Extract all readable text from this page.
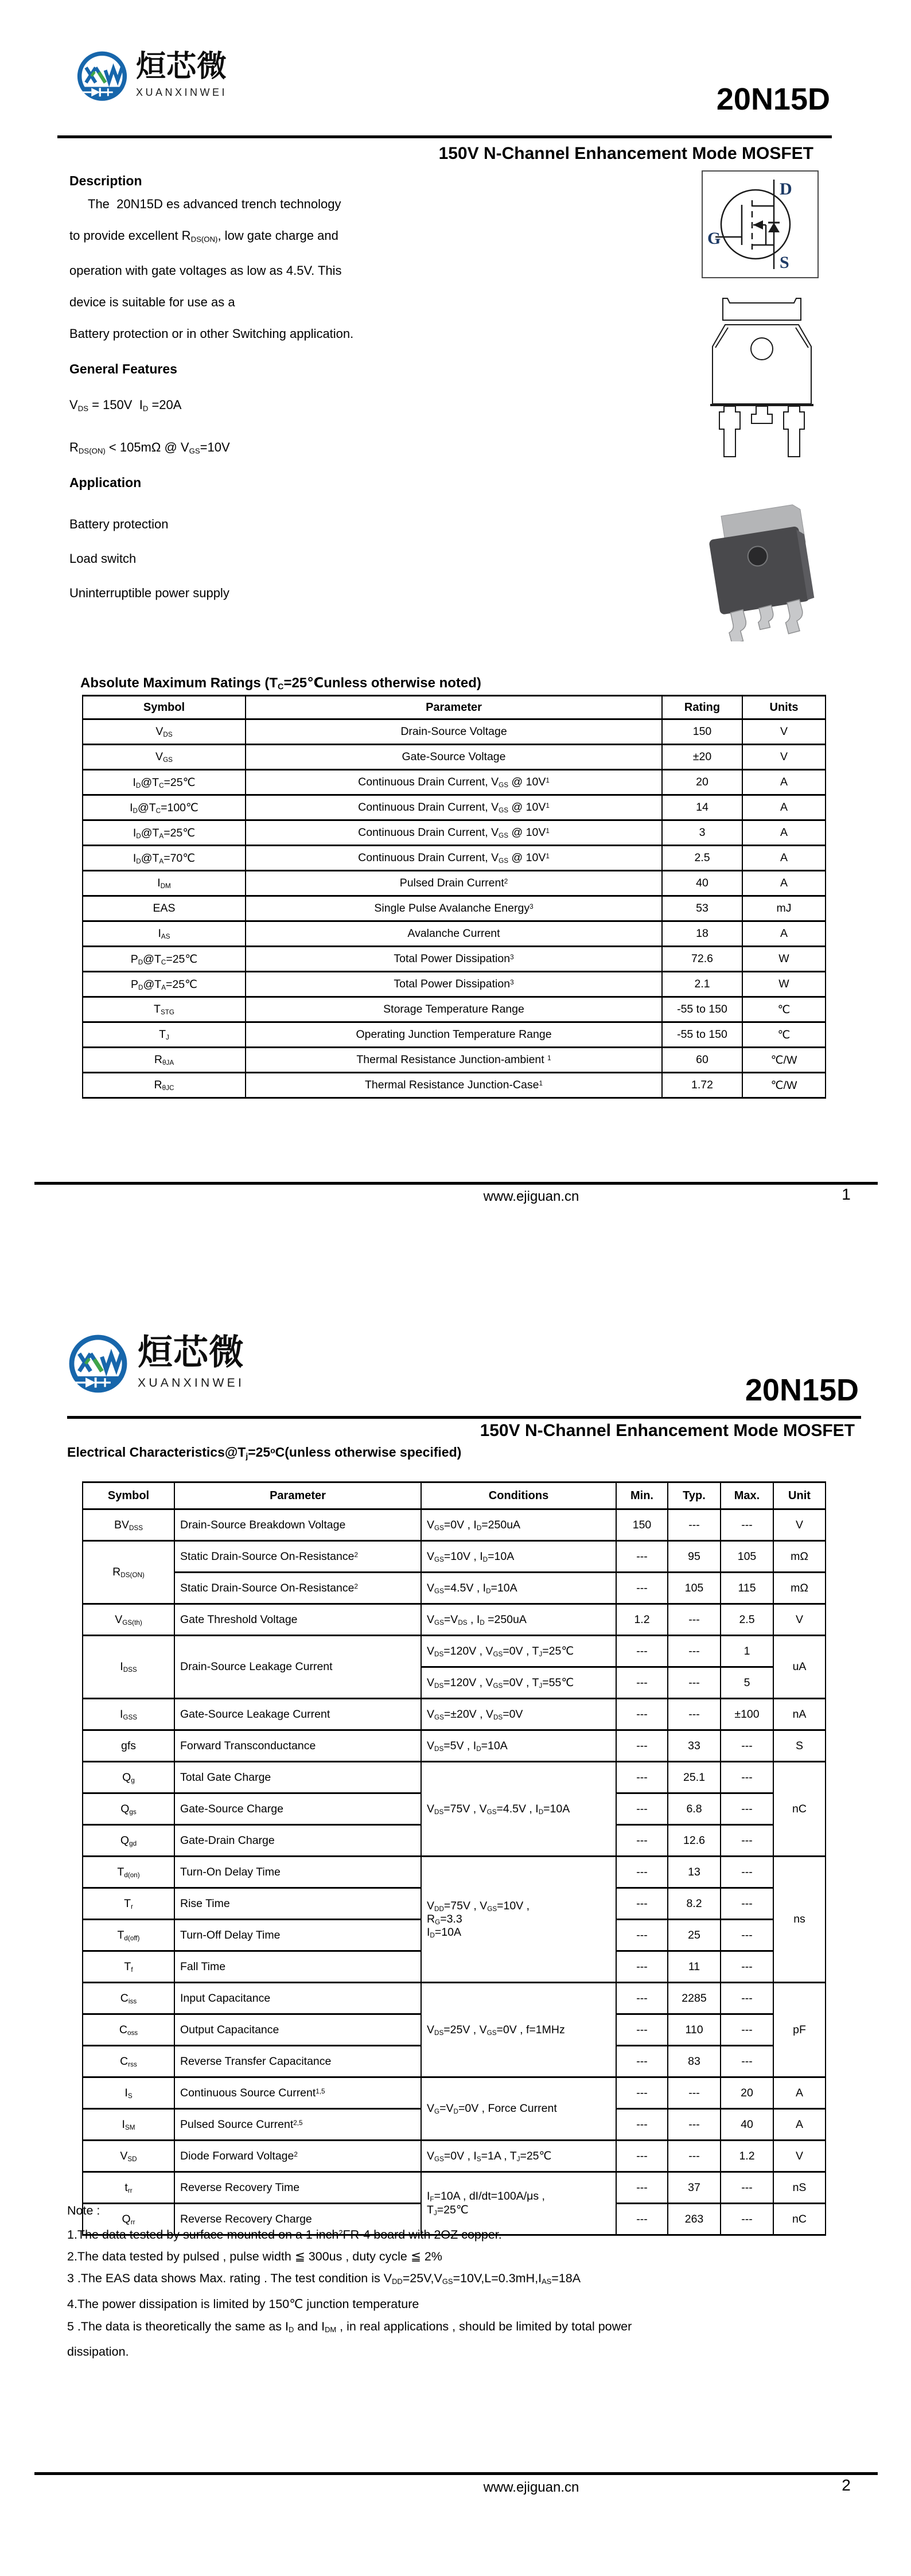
烜芯微
XUANXINWEI	20N15D
150V N-Channel Enhancement Mode MOSFET
Description
The  20N15D es advanced trench technology
to provide excellent $R_{DS(ON)}$, low gate charge and
operation with gate voltages as low as 4.5V. This
device is suitable for use as a
Battery protection or in other Switching application.
General Features
$V_{DS} = 150V$  $I_D =20A$
$R_{DS(ON)} < 105m\Omega$ @ $V_{GS}=10V$
Application
Battery protection
Load switch
Uninterruptible power supply
D
G
S
Absolute Maximum Ratings ($T_C=25℃unless$ otherwise noted)
Symbol	Parameter	Rating	Units
$V_{DS}$	Drain-Source Voltage	150	V
$V_{GS}$	Gate-Source Voltage	±20	V
$I_D@T_C=25℃$	Continuous Drain Current, $V_{GS}$ @ $10V^1$	20	A
$I_D@T_C=100℃$	Continuous Drain Current, $V_{GS}$ @ $10V^1$	14	A
$I_D@T_A=25℃$	Continuous Drain Current, $V_{GS}$ @ $10V^1$	3	A
$I_D@T_A=70℃$	Continuous Drain Current, $V_{GS}$ @ $10V^1$	2.5	A
$I_{DM}$	Pulsed Drain Current$^2$	40	A
EAS	Single Pulse Avalanche Energy$^3$	53	mJ
$I_{AS}$	Avalanche Current	18	A
$P_D@T_C=25℃$	Total Power Dissipation$^3$	72.6	W
$P_D@T_A=25℃$	Total Power Dissipation$^3$	2.1	W
$T_{STG}$	Storage Temperature Range	-55 to 150	℃
$T_J$	Operating Junction Temperature Range	-55 to 150	℃
$R_{\theta JA}$	Thermal Resistance Junction-ambient $^1$	60	℃/W
$R_{\theta JC}$	Thermal Resistance Junction-Case$^1$	1.72	℃/W
www.ejiguan.cn	1
烜芯微
XUANXINWEI	20N15D
150V N-Channel Enhancement Mode MOSFET
Electrical $Characteristics@T_j=25^oC(unless$ otherwise specified)
Symbol	Parameter	Conditions	Min.	Typ.	Max.	Unit
$BV_{DSS}$	Drain-Source Breakdown Voltage	$V_{GS}=0V$ , $I_D=250uA$	150	---	---	V
$R_{DS(ON)}$	Static Drain-Source On-Resistance$^2$	$V_{GS}=10V$ , $I_D=10A$	---	95	105	mΩ
	Static Drain-Source On-Resistance$^2$	$V_{GS}=4.5V$ , $I_D=10A$	---	105	115	mΩ
$V_{GS(th)}$	Gate Threshold Voltage	$V_{GS}=V_{DS}$ , $I_D =250uA$	1.2	---	2.5	V
$I_{DSS}$	Drain-Source Leakage Current	$V_{DS}=120V$ , $V_{GS}=0V$ , $T_J=25℃$	---	---	1	uA
		$V_{DS}=120V$ , $V_{GS}=0V$ , $T_J=55℃$	---	---	5	
$I_{GSS}$	Gate-Source Leakage Current	$V_{GS}=\pm 20V$ , $V_{DS}=0V$	---	---	±100	nA
gfs	Forward Transconductance	$V_{DS}=5V$ , $I_D=10A$	---	33	---	S
$Q_g$	Total Gate Charge	$V_{DS}=75V$ , $V_{GS}=4.5V$ , $I_D=10A$	---	25.1	---	nC
$Q_{gs}$	Gate-Source Charge		---	6.8	---	
$Q_{gd}$	Gate-Drain Charge		---	12.6	---	
$T_{d(on)}$	Turn-On Delay Time	$V_{DD}=75V$ , $V_{GS}=10V$ ,
$R_G=3.3$
$I_D=10A$	---	13	---	ns
$T_r$	Rise Time		---	8.2	---	
$T_{d(off)}$	Turn-Off Delay Time		---	25	---	
$T_f$	Fall Time		---	11	---	
$C_{iss}$	Input Capacitance	$V_{DS}=25V$ , $V_{GS}=0V$ , f=1MHz	---	2285	---	pF
$C_{oss}$	Output Capacitance		---	110	---	
$C_{rss}$	Reverse Transfer Capacitance		---	83	---	
$I_S$	Continuous Source Current$^{1,5}$	$V_G=V_D=0V$ , Force Current	---	---	20	A
$I_{SM}$	Pulsed Source Current$^{2,5}$		---	---	40	A
$V_{SD}$	Diode Forward Voltage$^2$	$V_{GS}=0V$ , $I_S=1A$ , $T_J=25℃$	---	---	1.2	V
$t_{rr}$	Reverse Recovery Time	$I_F=10A$ , dI/dt=100A/μs ,
$T_J=25℃$	---	37	---	nS
$Q_{rr}$	Reverse Recovery Charge		---	263	---	nC
Note :
1.The data tested by surface mounted on a 1 inch$^2$FR-4 board with 2OZ copper.
2.The data tested by pulsed , pulse width ≦ 300us , duty cycle ≦ 2%
3 .The EAS data shows Max. rating . The test condition is $V_{DD}=25V,V_{GS}=10V,L=0.3mH,I_{AS}=18A$
4.The power dissipation is limited by 150℃ junction temperature
5 .The data is theoretically the same as $I_D$ and $I_{DM}$ , in real applications , should be limited by total power
dissipation.
www.ejiguan.cn	2
